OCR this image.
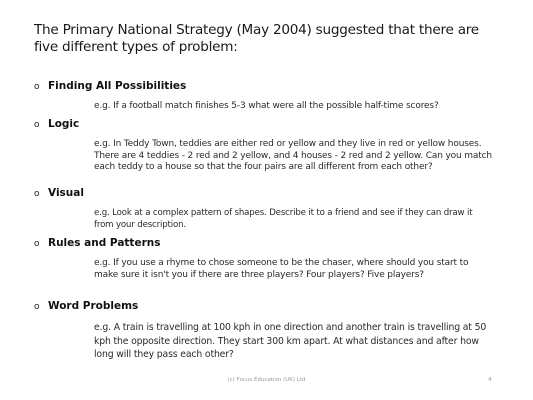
The Primary National Strategy (May 2004) suggested that there are five different types of problem:
o Finding All Possibilities
e.g. If a football match finishes 5-3 what were all the possible half-time scores?
o Logic
e.g. In Teddy Town, teddies are either red or yellow and they live in red or yellow houses. There are 4 teddies - 2 red and 2 yellow, and 4 houses - 2 red and 2 yellow. Can you match each teddy to a house so that the four pairs are all different from each other?
o Visual
e.g. Look at a complex pattern of shapes. Describe it to a friend and see if they can draw it from your description.
o Rules and Patterns
e.g. If you use a rhyme to chose someone to be the chaser, where should you start to make sure it isn't you if there are three players? Four players? Five players?
o Word Problems
e.g. A train is travelling at 100 kph in one direction and another train is travelling at 50 kph the opposite direction. They start 300 km apart. At what distances and after how long will they pass each other?
(c) Focus Education (UK) Ltd	4
